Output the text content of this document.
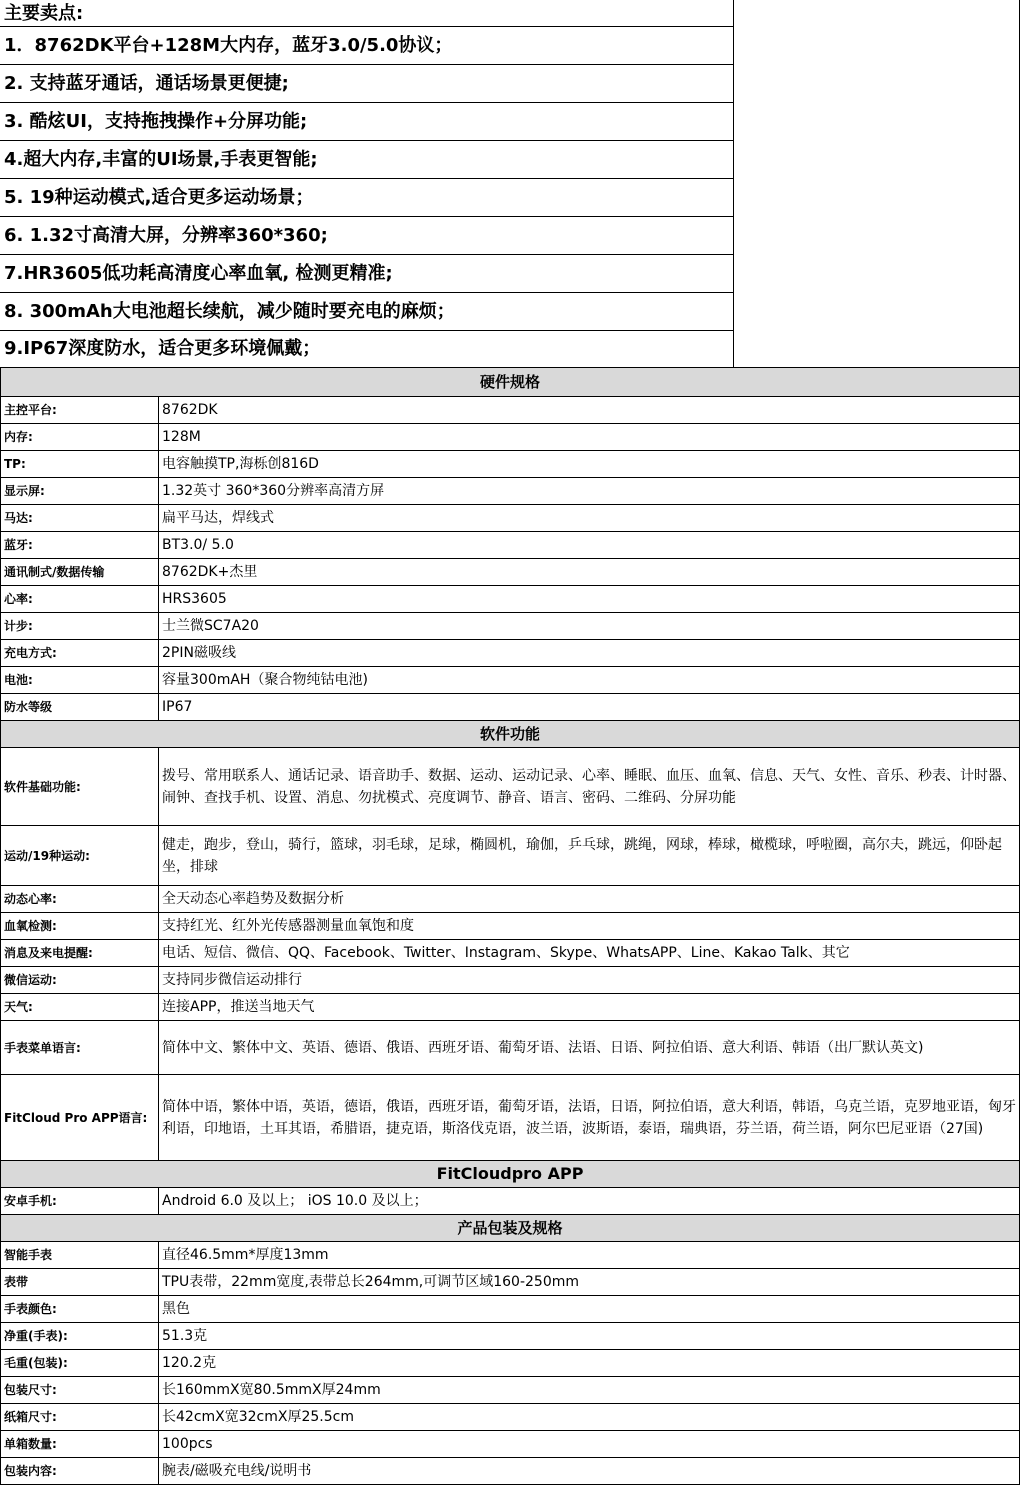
主要卖点:
1．8762DK平台+128M大内存，蓝牙3.0/5.0协议；
2. 支持蓝牙通话，通话场景更便捷;
3. 酷炫UI，支持拖拽操作+分屏功能;
4.超大内存,丰富的UI场景,手表更智能;
5. 19种运动模式,适合更多运动场景；
6. 1.32寸高清大屏，分辨率360*360;
7.HR3605低功耗高清度心率血氧, 检测更精准;
8. 300mAh大电池超长续航，减少随时要充电的麻烦；
9.IP67深度防水，适合更多环境佩戴；
硬件规格	
主控平台:	8762DK
内存:	128M
TP:	电容触摸TP,海栎创816D
显示屏:	1.32英寸 360*360分辨率高清方屏
马达:	扁平马达，焊线式
蓝牙:	BT3.0/ 5.0
通讯制式/数据传输	8762DK+杰里
心率:	HRS3605
计步:	士兰微SC7A20
充电方式:	2PIN磁吸线
电池:	容量300mAH（聚合物纯钴电池)
防水等级	IP67
软件功能	
软件基础功能:	拨号、常用联系人、通话记录、语音助手、数据、运动、运动记录、心率、睡眠、血压、血氧、信息、天气、女性、音乐、秒表、计时器、闹钟、查找手机、设置、消息、勿扰模式、亮度调节、静音、语言、密码、二维码、分屏功能
运动/19种运动:	健走，跑步，登山，骑行，篮球，羽毛球，足球，椭圆机，瑜伽，乒乓球，跳绳，网球，棒球，橄榄球，呼啦圈，高尔夫，跳远，仰卧起坐，排球
动态心率:	全天动态心率趋势及数据分析
血氧检测:	支持红光、红外光传感器测量血氧饱和度
消息及来电提醒:	电话、短信、微信、QQ、Facebook、Twitter、Instagram、Skype、WhatsAPP、Line、Kakao Talk、其它
微信运动:	支持同步微信运动排行
天气:	连接APP，推送当地天气
手表菜单语言:	简体中文、繁体中文、英语、德语、俄语、西班牙语、葡萄牙语、法语、日语、阿拉伯语、意大利语、韩语（出厂默认英文)
FitCloud Pro APP语言:	简体中语，繁体中语，英语，德语，俄语，西班牙语，葡萄牙语，法语，日语，阿拉伯语，意大利语，韩语，乌克兰语，克罗地亚语，匈牙利语，印地语，土耳其语，希腊语，捷克语，斯洛伐克语，波兰语，波斯语，泰语，瑞典语，芬兰语，荷兰语，阿尔巴尼亚语（27国)
FitCloudpro APP
安卓手机:	Android 6.0 及以上； iOS 10.0 及以上；
产品包装及规格	
智能手表	直径46.5mm*厚度13mm
表带	TPU表带，22mm宽度,表带总长264mm,可调节区域160-250mm
手表颜色:	黑色
净重(手表):	51.3克
毛重(包装):	120.2克
包装尺寸:	长160mmX宽80.5mmX厚24mm
纸箱尺寸:	长42cmX宽32cmX厚25.5cm
单箱数量:	100pcs
包装内容:	腕表/磁吸充电线/说明书
